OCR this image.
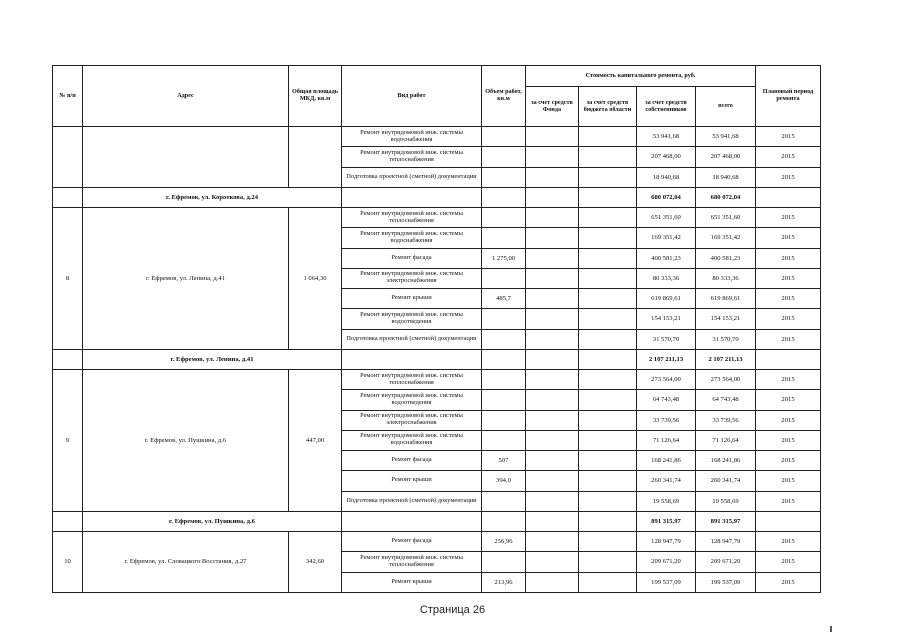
№ п/п	Адрес	Общая площадь МКД, кв.м	Вид работ	Объем работ, кв.м	Стоимость капитального ремонта, руб.				Плановый период ремонта
					за счет средств Фонда	за счет средств бюджета области	за счет средств собственников	всего	
			Ремонт внутридомовой инж. системы водоснабжения				53 941,68	53 941,68	2015
			Ремонт внутридомовой инж. системы теплоснабжения				207 468,00	207 468,00	2015
			Подготовка проектной (сметной) документации				18 940,68	18 940,68	2015
	г. Ефремов, ул. Короткова, д.24						680 072,04	680 072,04	
8	г. Ефремов, ул. Ленина, д.41	1 064,30	Ремонт внутридомовой инж. системы теплоснабжения				651 351,60	651 351,60	2015
			Ремонт внутридомовой инж. системы водоснабжения				169 351,42	169 351,42	2015
			Ремонт фасада	1 275,00			400 581,23	400 581,23	2015
			Ремонт внутридомовой инж. системы электроснабжения				80 333,36	80 333,36	2015
			Ремонт крыши	485,7			619 869,61	619 869,61	2015
			Ремонт внутридомовой инж. системы водоотведения				154 153,21	154 153,21	2015
			Подготовка проектной (сметной) документации				31 570,70	31 570,70	2015
	г. Ефремов, ул. Ленина, д.41						2 107 211,13	2 107 211,13	
9	г. Ефремов, ул. Пушкина, д.6	447,00	Ремонт внутридомовой инж. системы теплоснабжения				273 564,00	273 564,00	2015
			Ремонт внутридомовой инж. системы водоотведения				64 743,48	64 743,48	2015
			Ремонт внутридомовой инж. системы электроснабжения				33 739,56	33 739,56	2015
			Ремонт внутридомовой инж. системы водоснабжения				71 126,64	71 126,64	2015
			Ремонт фасада	507			168 241,86	168 241,86	2015
			Ремонт крыши	394,0			260 341,74	260 341,74	2015
			Подготовка проектной (сметной) документации				19 558,69	19 558,69	2015
	г. Ефремов, ул. Пушкина, д.6						891 315,97	891 315,97	
10	г. Ефремов, ул. Словацкого Восстания, д.27	342,60	Ремонт фасада	256,96			128 947,79	128 947,79	2015
			Ремонт внутридомовой инж. системы теплоснабжения				209 671,20	209 671,20	2015
			Ремонт крыши	213,96			199 537,09	199 537,09	2015
Страница 26
